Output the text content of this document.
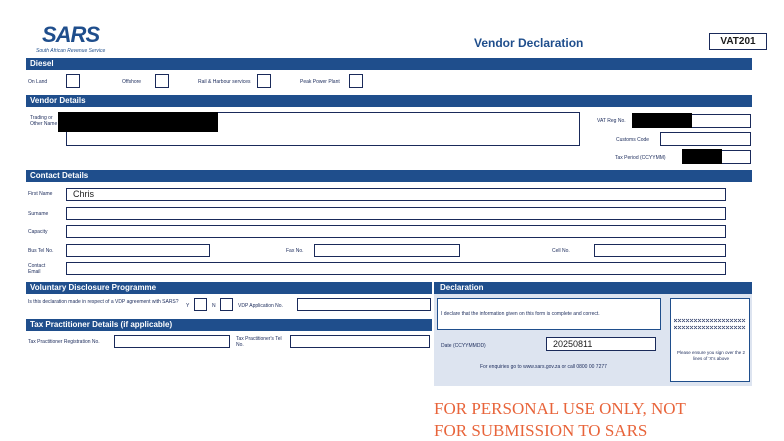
SARS
South African Revenue Service
Vendor Declaration	VAT201
Diesel
On Land	Offshore	Rail & Harbour services	Peak Power Plant
Vendor Details
Trading or Other Name	VAT Reg No.
Customs Code
Tax Period (CCYYMM)
Contact Details
First Name	Chris
Surname
Capacity
Bus Tel No.	Fax No.	Cell No.
Contact Email
Voluntary Disclosure Programme
Is this declaration made in respect of a VDP agreement with SARS?
Y	N	VDP Application No.
Tax Practitioner Details (if applicable)
Tax Practitioner Registration No.	Tax Practitioner's Tel No.
Declaration
I declare that the information given on this form is complete and correct.
Date (CCYYMMDD)	20250811
For enquiries go to www.sars.gov.za or call 0800 00 7277
Please ensure you sign over the 2 lines of 'X's above
FOR PERSONAL USE ONLY, NOT
FOR SUBMISSION TO SARS
